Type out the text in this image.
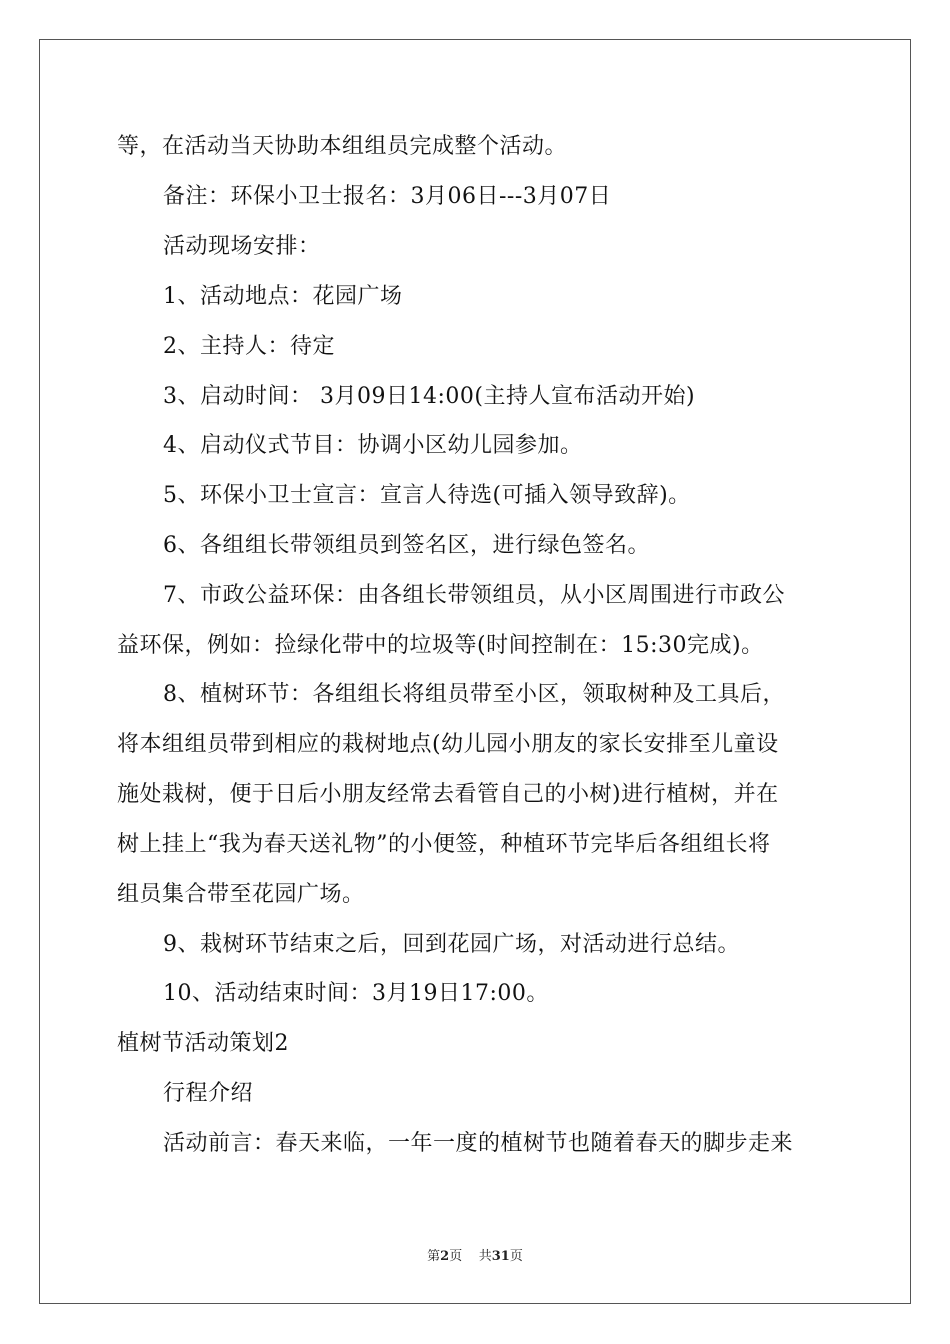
等，在活动当天协助本组组员完成整个活动。

备注：环保小卫士报名：3月06日---3月07日

活动现场安排：

1、活动地点：花园广场

2、主持人：待定

3、启动时间： 3月09日14:00(主持人宣布活动开始)

4、启动仪式节目：协调小区幼儿园参加。

5、环保小卫士宣言：宣言人待选(可插入领导致辞)。

6、各组组长带领组员到签名区，进行绿色签名。

7、市政公益环保：由各组长带领组员，从小区周围进行市政公

益环保，例如：捡绿化带中的垃圾等(时间控制在：15:30完成)。

8、植树环节：各组组长将组员带至小区，领取树种及工具后，

将本组组员带到相应的栽树地点(幼儿园小朋友的家长安排至儿童设

施处栽树，便于日后小朋友经常去看管自己的小树)进行植树，并在

树上挂上“我为春天送礼物”的小便签，种植环节完毕后各组组长将

组员集合带至花园广场。

9、栽树环节结束之后，回到花园广场，对活动进行总结。

10、活动结束时间：3月19日17:00。

植树节活动策划2

行程介绍

活动前言：春天来临，一年一度的植树节也随着春天的脚步走来

第2页 共31页
